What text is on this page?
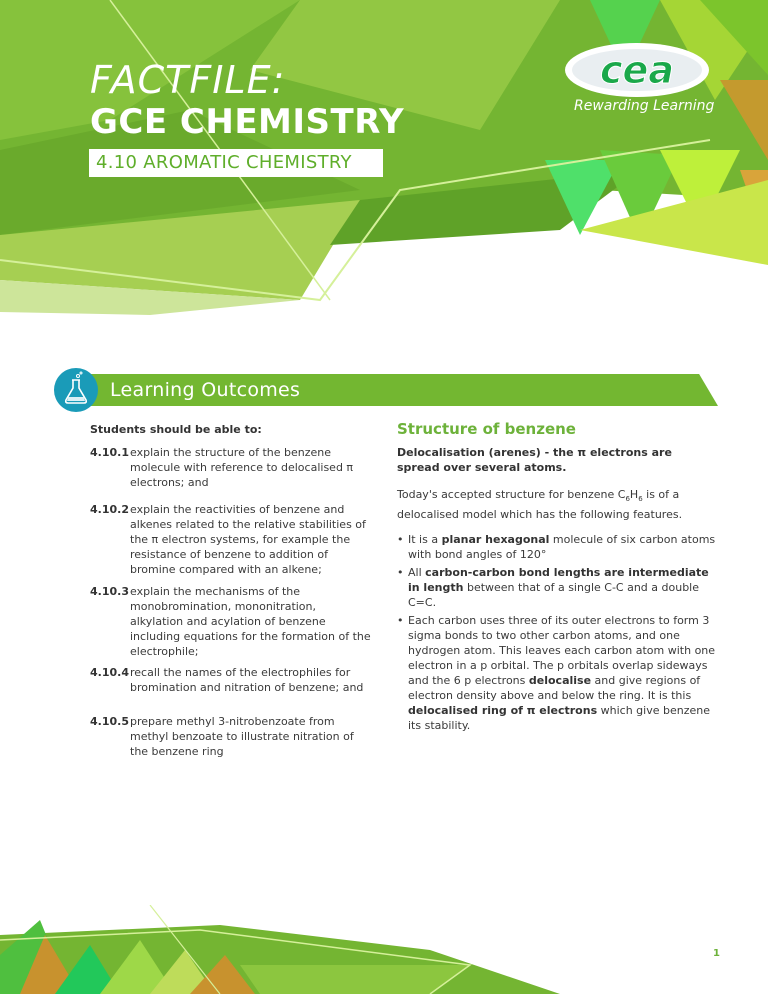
FACTFILE:
GCE CHEMISTRY
4.10 AROMATIC CHEMISTRY
cea

Rewarding Learning

Learning Outcomes

Students should be able to:

4.10.1 explain the structure of the benzene molecule with reference to delocalised π electrons; and
4.10.2 explain the reactivities of benzene and alkenes related to the relative stabilities of the π electron systems, for example the resistance of benzene to addition of bromine compared with an alkene;
4.10.3 explain the mechanisms of the monobromination, mononitration, alkylation and acylation of benzene including equations for the formation of the electrophile;
4.10.4 recall the names of the electrophiles for bromination and nitration of benzene; and
4.10.5 prepare methyl 3-nitrobenzoate from methyl benzoate to illustrate nitration of the benzene ring
Structure of benzene

Delocalisation (arenes) - the π electrons are spread over several atoms.

Today's accepted structure for benzene $C_6H_6$ is of a delocalised model which has the following features.

• It is a planar hexagonal molecule of six carbon atoms with bond angles of 120°
• All carbon-carbon bond lengths are intermediate in length between that of a single C-C and a double C=C.
• Each carbon uses three of its outer electrons to form 3 sigma bonds to two other carbon atoms, and one hydrogen atom. This leaves each carbon atom with one electron in a p orbital. The p orbitals overlap sideways and the 6 p electrons delocalise and give regions of electron density above and below the ring. It is this delocalised ring of π electrons which give benzene its stability.
1
